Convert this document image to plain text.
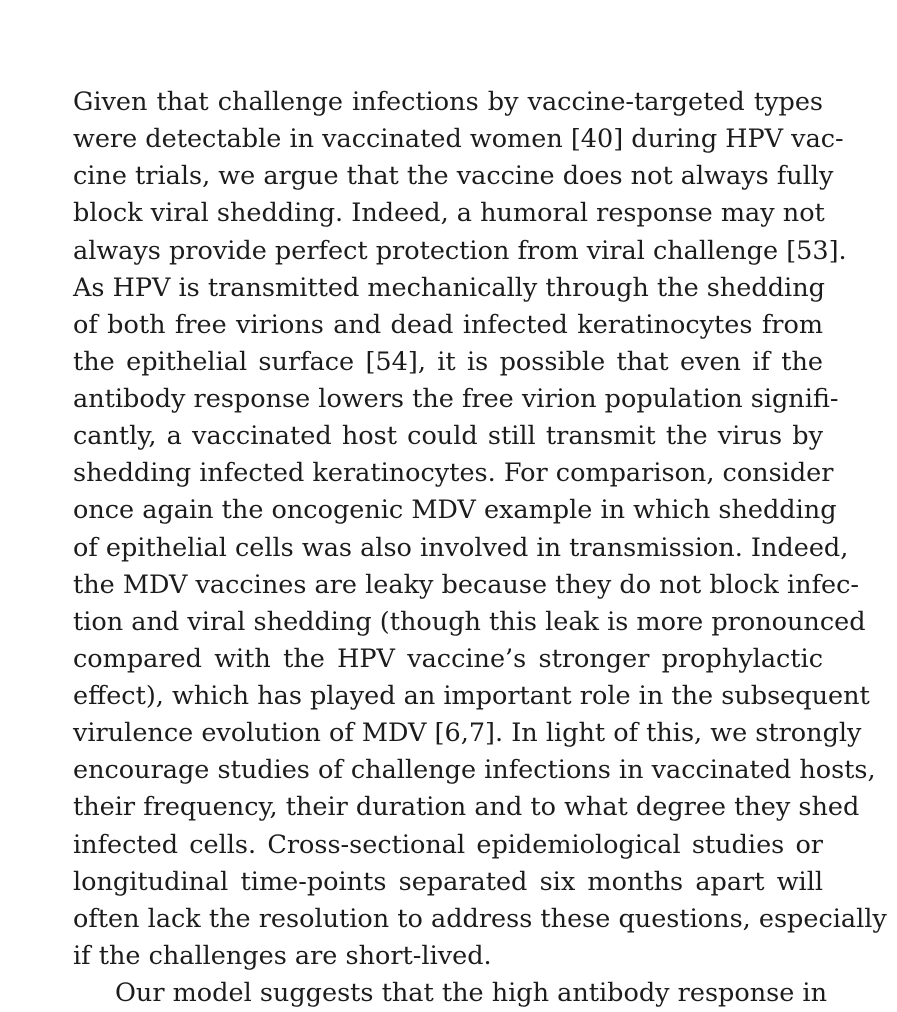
Given that challenge infections by vaccine-targeted types
were detectable in vaccinated women [40] during HPV vac-
cine trials, we argue that the vaccine does not always fully
block viral shedding. Indeed, a humoral response may not
always provide perfect protection from viral challenge [53].
As HPV is transmitted mechanically through the shedding
of both free virions and dead infected keratinocytes from
the epithelial surface [54], it is possible that even if the
antibody response lowers the free virion population signifi-
cantly, a vaccinated host could still transmit the virus by
shedding infected keratinocytes. For comparison, consider
once again the oncogenic MDV example in which shedding
of epithelial cells was also involved in transmission. Indeed,
the MDV vaccines are leaky because they do not block infec-
tion and viral shedding (though this leak is more pronounced
compared with the HPV vaccine’s stronger prophylactic
effect), which has played an important role in the subsequent
virulence evolution of MDV [6,7]. In light of this, we strongly
encourage studies of challenge infections in vaccinated hosts,
their frequency, their duration and to what degree they shed
infected cells. Cross-sectional epidemiological studies or
longitudinal time-points separated six months apart will
often lack the resolution to address these questions, especially
if the challenges are short-lived.
Our model suggests that the high antibody response in
